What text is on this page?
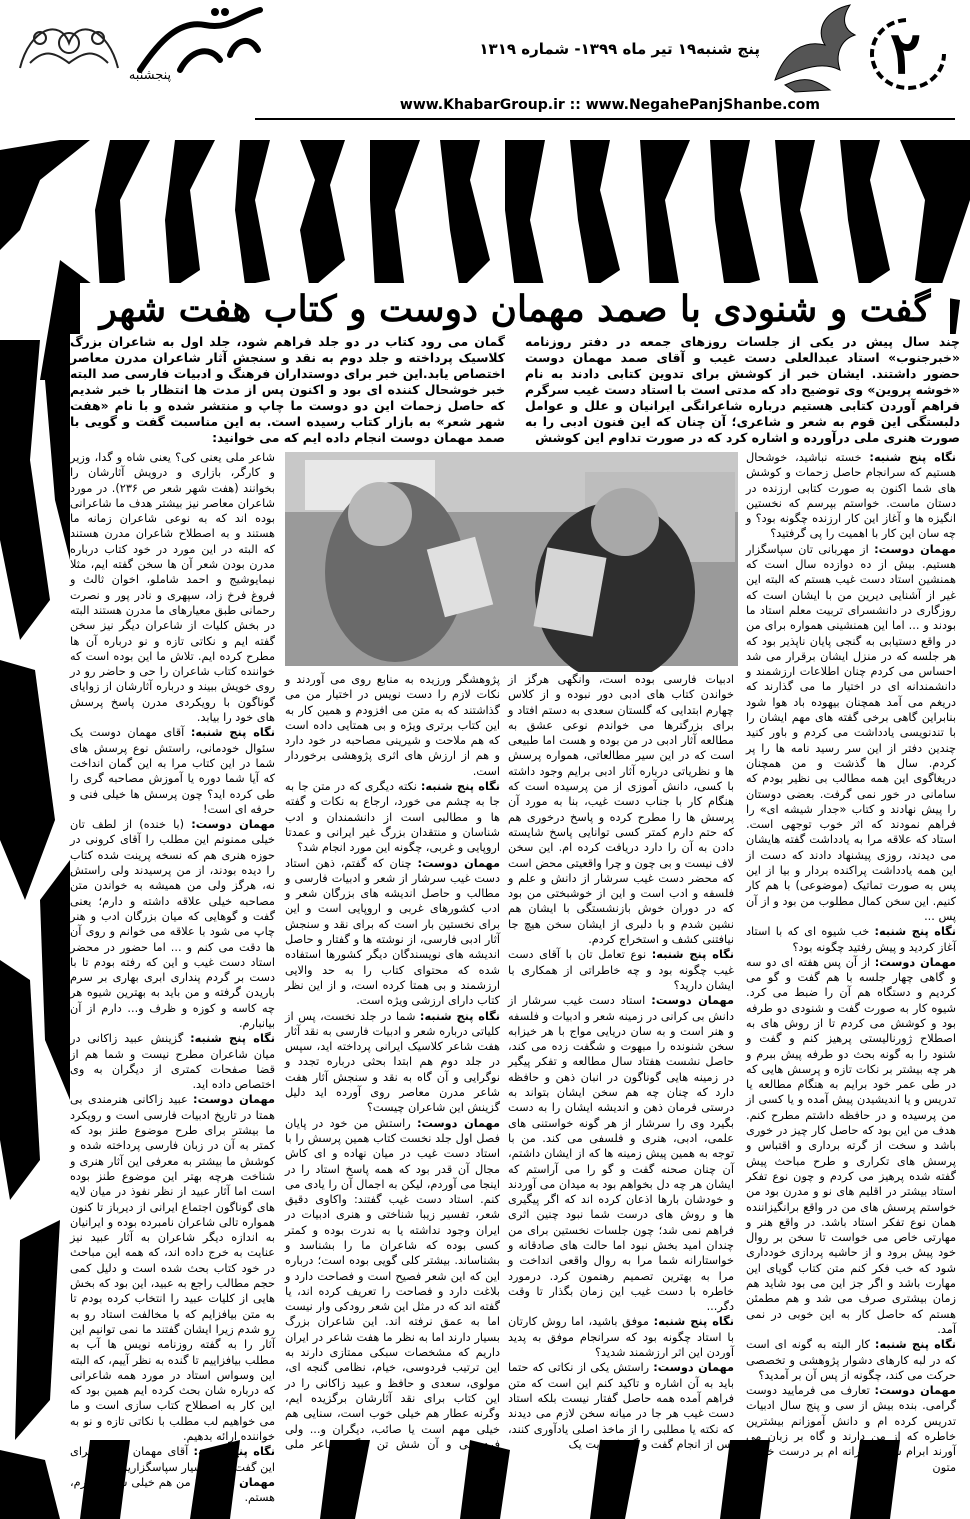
پنجشنبه	۲
پنج شنبه۱۹ تیر ماه ۱۳۹۹- شماره ۱۳۱۹
www.KhabarGroup.ir :: www.NegahePanjShanbe.com
گفت و شنودی با صمد مهمان دوست و کتاب هفت شهر
چند سال پیش در یکی از جلسات روزهای جمعه در دفتر روزنامه «خبرجنوب» استاد عبدالعلی دست غیب و آقای صمد مهمان دوست حضور داشتند. ایشان خبر از کوشش برای تدوین کتابی دادند به نام «خوشه پروین» وی توضیح داد که مدتی است با استاد دست غیب سرگرم فراهم آوردن کتابی هستیم درباره شاعرانگی ایرانیان و علل و عوامل دلبستگی این قوم به شعر و شاعری؛ آن چنان که این فنون ادبی را به صورت هنری ملی درآورده و اشاره کرد که در صورت تداوم این کوشش
گمان می رود کتاب در دو جلد فراهم شود، جلد اول به شاعران بزرگ کلاسیک پرداخته و جلد دوم به نقد و سنجش آثار شاعران مدرن معاصر اختصاص یابد.این خبر برای دوستداران فرهنگ و ادبیات فارسی صد البته خبر خوشحال کننده ای بود و اکنون پس از مدت ها انتظار با خبر شدیم که حاصل زحمات این دو دوست ما چاپ و منتشر شده و با نام «هفت شهر شعر» به بازار کتاب رسیده است. به این مناسبت گفت و گویی با صمد مهمان دوست انجام داده ایم که می خوانید:

نگاه پنج شنبه: خسته نباشید، خوشحال هستیم که سرانجام حاصل زحمات و کوشش های شما اکنون به صورت کتابی ارزنده در دستان ماست. خواستم بپرسم که نخستین انگیزه ها و آغاز این کار ارزنده چگونه بود؟ و چه سان این کار با اهمیت را پی گرفتید؟

مهمان دوست: از مهربانی تان سپاسگزار هستیم. بیش از ده دوازده سال است که همنشین استاد دست غیب هستم که البته این غیر از آشنایی دیرین من با ایشان است که روزگاری در دانشسرای تربیت معلم استاد ما بودند و ... اما این همنشینی همواره برای من در واقع دستیابی به گنجی پایان ناپذیر بود که هر جلسه که در منزل ایشان برقرار می شد احساس می کردم چنان اطلاعات ارزشمند و دانشمندانه ای در اختیار ما می گذارند که دریغم می آمد همچنان بیهوده باد هوا شود بنابراین گاهی برخی گفته های مهم ایشان را با تندنویسی یادداشت می کردم و باور کنید چندین دفتر از این سر رسید نامه ها را پر کردم. سال ها گذشت و من همچنان دریغاگوی این همه مطالب بی نظیر بودم که سامانی در خور نمی گرفت. بعضی دوستان را پیش نهادند و کتاب «جدار شیشه ای» را فراهم نمودند که اثر خوب توجهی است. استاد که علاقه مرا به یادداشت گفته هایشان می دیدند، روزی پیشنهاد دادند که دست از این همه یادداشت پراکنده بردار و بیا از این پس به صورت تماتیک (موضوعی) با هم کار کنیم. این سخن کمال مطلوب من بود و از آن پس ...

نگاه پنج شنبه: خب شیوه ای که با استاد آغاز کردید و پیش رفتید چگونه بود؟

مهمان دوست: از آن پس هفته ای دو سه و گاهی چهار جلسه با هم گفت و گو می کردیم و دستگاه هم آن را ضبط می کرد. شیوه کار به صورت گفت و شنودی دو طرفه بود و کوشش می کردم تا از روش های به اصطلاح ژورنالیستی پرهیز کنم و گفت و شنود را به گونه بحث دو طرفه پیش ببرم و هر چه بیشتر بر نکات تازه و پرسش هایی که در طی عمر خود برایم به هنگام مطالعه یا تدریس و یا اندیشیدن پیش آمده و یا کسی از من پرسیده و در حافظه داشتم مطرح کنم. هدف من این بود که حاصل کار چیز در خوری باشد و سخت از گرته برداری و اقتباس و پرسش های تکراری و طرح مباحث پیش گفته شده پرهیز می کردم و چون نوع تفکر استاد بیشتر در اقلیم های نو و مدرن بود من خواستم پرسش های من در واقع برانگیزاننده همان نوع تفکر استاد باشد. در واقع هنر و مهارتی خاص می خواست تا سخن بر روال خود پیش برود و از حاشیه پردازی خودداری شود که خب فکر کنم متن کتاب گویای این مهارت باشد و اگر جز این می بود شاید هم زمان بیشتری صرف می شد و هم مطمئن هستم که حاصل کار به این خوبی در نمی آمد.

نگاه پنج شنبه: کار البته به گونه ای است که در لبه کارهای دشوار پژوهشی و تخصصی حرکت می کند، چگونه از پس آن بر آمدید؟

مهمان دوست: تعارف می فرمایید دوست گرامی. بنده بیش از سی و پنج سال ادبیات تدریس کرده ام و دانش آموزانم بیشترین خاطره که از من دارند و گاه بر زبان می آورند ابرام سخت گیرانه ام بر درست خوانی متون

ادبیات فارسی بوده است، وانگهی هرگز از خواندن کتاب های ادبی دور نبوده و از کلاس چهارم ابتدایی که گلستان سعدی به دستم افتاد و برای بزرگترها می خواندم نوعی عشق به مطالعه آثار ادبی در من بوده و هست اما طبیعی است که در این سیر مطالعاتی، همواره پرسش ها و نظریاتی درباره آثار ادبی برایم وجود داشته با کسی، دانش آموزی از من پرسیده است که هنگام کار با جناب دست غیب، بنا به مورد آن پرسش ها را مطرح کرده و پاسخ درخوری هم که حتم دارم کمتر کسی توانایی پاسخ شایسته دادن به آن را دارد دریافت کرده ام. این سخن لاف نیست و بی چون و چرا واقعیتی محض است که محضر دست غیب سرشار از دانش و علم و فلسفه و ادب است و این از خوشبختی من بود که در دوران خوش بازنشستگی با ایشان هم نشین شدم و با دلبری از ایشان سخن هیچ جا نیافتنی کشف و استخراج کردم.

نگاه پنج شنبه: نوع تعامل تان با آقای دست غیب چگونه بود و چه خاطراتی از همکاری با ایشان دارید؟

مهمان دوست: استاد دست غیب سرشار از دانش بی کرانی در زمینه شعر و ادبیات و فلسفه و هنر است و به سان دریایی مواج با هر خیزابه سخن شنونده را مبهوت و شگفت زده می کند، حاصل نشست هفتاد سال مطالعه و تفکر پیگیر در زمینه هایی گوناگون در انبان ذهن و حافظه دارد که چنان چه هم سخن ایشان بتواند به درستی فرمان ذهن و اندیشه ایشان را به دست بگیرد وی را سرشار از هر گونه خواستنی های علمی، ادبی، هنری و فلسفی می کند. من با توجه به همین پیش زمینه ها که از ایشان داشتم، آن چنان صحنه گفت و گو را می آراستم که ایشان هر چه دل بخواهم بود به میدان می آوردند و خودشان بارها اذعان کرده اند که اگر پیگیری ها و روش های درست شما نبود چنین اثری فراهم نمی شد؛ چون جلسات نخستین برای من چندان امید بخش نبود اما حالت های صادقانه و خواستارانه شما مرا به روال واقعی انداخت و مرا به بهترین تصمیم رهنمون کرد. درمورد خاطره با دست غیب این زمان بگذار تا وقت دگر...

نگاه پنج شنبه: موفق باشید، اما روش کارتان با استاد چگونه بود که سرانجام موفق به پدید آوردن این اثر ارزشمند شدید؟

مهمان دوست: راستش یکی از نکاتی که حتما باید به آن اشاره و تاکید کنم این است که متن فراهم آمده همه حاصل گفتار نیست بلکه استاد دست غیب هر جا در میانه سخن لازم می دیدند که نکته یا مطلبی را از ماخذ اصلی یادآوری کنند، پس از انجام گفت و گو با درایت یک

پژوهشگر ورزیده به منابع روی می آوردند و نکات لازم را دست نویس در اختیار من می گذاشتند که به متن می افزودم و همین کار به این کتاب برتری ویژه و بی همتایی داده است که هم ملاحت و شیرینی مصاحبه در خود دارد و هم از ارزش های اثری پژوهشی برخوردار است.

نگاه پنج شنبه: نکته دیگری که در متن جا به جا به چشم می خورد، ارجاع به نکات و گفته ها و مطالبی است از دانشمندان و ادب شناسان و منتقدان بزرگ غیر ایرانی و عمدتا اروپایی و غربی، چگونه این مورد انجام شد؟

مهمان دوست: چنان که گفتم، ذهن استاد دست غیب سرشار از شعر و ادبیات فارسی و مطالب و حاصل اندیشه های بزرگان شعر و ادب کشورهای غربی و اروپایی است و این برای نخستین بار است که برای نقد و سنجش آثار ادبی فارسی، از نوشته ها و گفتار و حاصل اندیشه های نویسندگان دیگر کشورها استفاده شده که محتوای کتاب را به حد والایی ارزشمند و بی همتا کرده است، و از این نظر کتاب دارای ارزشی ویژه است.

نگاه پنج شنبه: شما در جلد نخست، پس از کلیاتی درباره شعر و ادبیات فارسی به نقد آثار هفت شاعر کلاسیک ایرانی پرداخته اید، سپس در جلد دوم هم ابتدا بحثی درباره تجدد و نوگرایی و آن گاه به نقد و سنجش آثار هفت شاعر مدرن معاصر روی آورده اید دلیل گزینش این شاعران چیست؟

مهمان دوست: راستش من خود در پایان فصل اول جلد نخست کتاب همین پرسش را با استاد دست غیب در میان نهاده و ای کاش مجال آن قدر بود که همه پاسخ استاد را در اینجا می آوردم، لیکن به اجمال آن را یادی می کنم. استاد دست غیب گفتند: واکاوی دقیق شعر، تفسیر زیبا شناختی و هنری ادبیات در ایران وجود نداشته یا به ندرت بوده و کمتر کسی بوده که شاعران ما را بشناسد و بشناساند. بیشتر کلی گویی بوده است؛ درباره این که این شعر فصیح است و فصاحت دارد و بلاغت دارد و فصاحت را تعریف کرده اند، یا گفته اند که در مثل این شعر رودکی وار نیست اما به عمق نرفته اند. این شاعران بزرگ بسیار دارند اما به نظر ما هفت شاعر در ایران داریم که مشخصات سبکی ممتازی دارند به این ترتیب فردوسی، خیام، نظامی گنجه ای، مولوی، سعدی و حافظ و عبید زاکانی را در این کتاب برای نقد آثارشان برگزیده ایم، وگرنه عطار هم خیلی خوب است، سنایی هم خیلی مهم است یا صائب، دیگران و... ولی فردوسی و آن شش تن دیگر، شاعر ملی هستند!

شاعر ملی یعنی کی؟ یعنی شاه و گدا، وزیر و کارگر، بازاری و درویش آثارشان را بخوانند (هفت شهر شعر ص ۲۳۶). در مورد شاعران معاصر نیز بیشتر هدف ما شاعرانی بوده اند که به نوعی شاعران زمانه ما هستند و به اصطلاح شاعران مدرن هستند که البته در این مورد در خود کتاب درباره مدرن بودن شعر آن ها سخن گفته ایم، مثلا نیمایوشیج و احمد شاملو، اخوان ثالث و فروغ فرخ زاد، سپهری و نادر پور و نصرت رحمانی طبق معیارهای ما مدرن هستند البته در بخش کلیات از شاعران دیگر نیز سخن گفته ایم و نکاتی تازه و نو درباره آن ها مطرح کرده ایم. تلاش ما این بوده است که خواننده کتاب شاعران را حی و حاضر رو در روی خویش ببیند و درباره آثارشان از زوایای گوناگون با رویکردی مدرن پاسخ پرسش های خود را بیابد.

نگاه پنج شنبه: آقای مهمان دوست یک سئوال خودمانی، راستش نوع پرسش های شما در این کتاب مرا به این گمان انداخت که آیا شما دوره یا آموزش مصاحبه گری را طی کرده اید؟ چون پرسش ها خیلی فنی و حرفه ای است!

مهمان دوست: (با خنده) از لطف تان خیلی ممنونم این مطلب را آقای کرونی در حوزه هنری هم که نسخه پرینت شده کتاب را دیده بودند، از من پرسیدند ولی راستش نه، هرگز ولی من همیشه به خواندن متن مصاحبه خیلی علاقه داشته و دارم؛ یعنی گفت و گوهایی که میان بزرگان ادب و هنر چاپ می شود با علاقه می خوانم و روی آن ها دقت می کنم و ... اما حضور در محضر استاد دست غیب و این که رفته بودم تا با دست بر گردم پنداری ابری بهاری بر سرم باریدن گرفته و من باید به بهترین شیوه هر چه کاسه و کوزه و ظرف و... دارم از آن بیانبارم.

نگاه پنج شنبه: گزینش عبید زاکانی در میان شاعران مطرح نیست و شما هم از قضا صفحات کمتری از دیگران به وی اختصاص داده اید.

مهمان دوست: عبید زاکانی هنرمندی بی همتا در تاریخ ادبیات فارسی است و رویکرد ما بیشتر برای طرح موضوع طنز بود که کمتر به آن در زبان فارسی پرداخته شده و کوشش ما بیشتر به معرفی این آثار هنری و شناخت هرچه بهتر این موضوع طنز بوده است اما آثار عبید از نظر نفوذ در میان لایه های گوناگون اجتماع ایرانی از دیرباز تا کنون همواره تالی شاعران نامبرده بوده و ایرانیان به اندازه دیگر شاعران به آثار عبید نیز عنایت به خرج داده اند، که همه این مباحث در خود کتاب بحث شده است و دلیل کمی حجم مطالب راجع به عبید، این بود که بخش هایی از کلیات عبید را انتخاب کرده بودم تا به متن بیافزایم که با مخالفت استاد رو به رو شدم زیرا ایشان گفتند ما نمی توانیم این آثار را به گفته روزنامه نویس ها آب به مطلب بیافزاییم تا گنده به نظر آییم، که البته این وسواس استاد در مورد همه شاعرانی که درباره شان بحث کرده ایم همین بود که این کار به اصطلاح کتاب سازی است و ما می خواهیم لب مطلب با نکاتی تازه و نو به خواننده ارائه بدهیم.

نگاه پنج شنبه: آقای مهمان دوست برای این گفت و گو بسیار سپاسگزاریم.

مهمان دوست: من هم خیلی سپاسگزارم، هستم.
